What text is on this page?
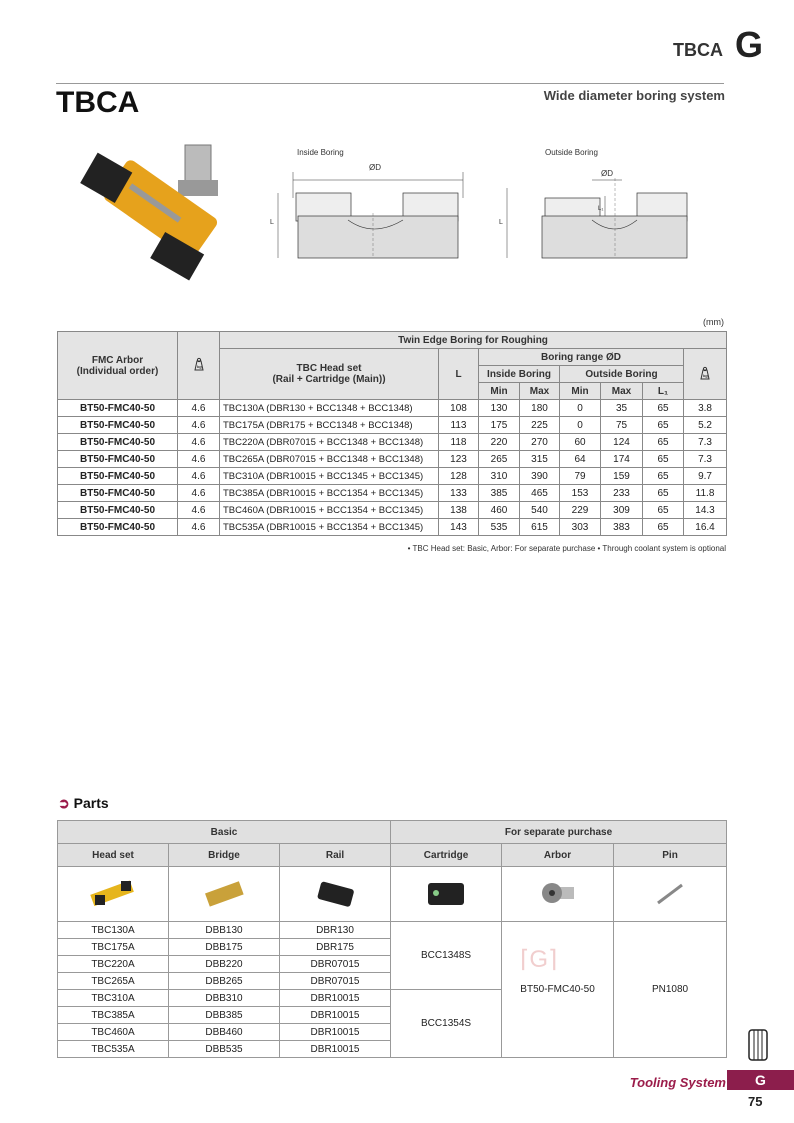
TBCA G
TBCA	Wide diameter boring system
Inside Boring
ØD
L
Outside Boring
ØD
L
L₁
(mm)
FMC Arbor
(Individual order)	kg	Twin Edge Boring for Roughing							
		TBC Head set
(Rail + Cartridge (Main))	L	Boring range ØD					kg

				Inside Boring		Outside Boring			
				Min	Max	Min	Max	L₁	
BT50-FMC40-50	4.6	TBC130A (DBR130 + BCC1348 + BCC1348)	108	130	180	0	35	65	3.8
BT50-FMC40-50	4.6	TBC175A (DBR175 + BCC1348 + BCC1348)	113	175	225	0	75	65	5.2
BT50-FMC40-50	4.6	TBC220A (DBR07015 + BCC1348 + BCC1348)	118	220	270	60	124	65	7.3
BT50-FMC40-50	4.6	TBC265A (DBR07015 + BCC1348 + BCC1348)	123	265	315	64	174	65	7.3
BT50-FMC40-50	4.6	TBC310A (DBR10015 + BCC1345 + BCC1345)	128	310	390	79	159	65	9.7
BT50-FMC40-50	4.6	TBC385A (DBR10015 + BCC1354 + BCC1345)	133	385	465	153	233	65	11.8
BT50-FMC40-50	4.6	TBC460A (DBR10015 + BCC1354 + BCC1345)	138	460	540	229	309	65	14.3
BT50-FMC40-50	4.6	TBC535A (DBR10015 + BCC1354 + BCC1345)	143	535	615	303	383	65	16.4
• TBC Head set: Basic, Arbor: For separate purchase • Through coolant system is optional
➲ Parts
Basic			For separate purchase		
Head set	Bridge	Rail	Cartridge	Arbor	Pin

TBC130A	DBB130	DBR130	BCC1348S	BT50-FMC40-50	PN1080
TBC175A	DBB175	DBR175			
TBC220A	DBB220	DBR07015			
TBC265A	DBB265	DBR07015			
TBC310A	DBB310	DBR10015	BCC1354S		
TBC385A	DBB385	DBR10015			
TBC460A	DBB460	DBR10015			
TBC535A	DBB535	DBR10015			
⌈G⌉
Tooling System	G
75
